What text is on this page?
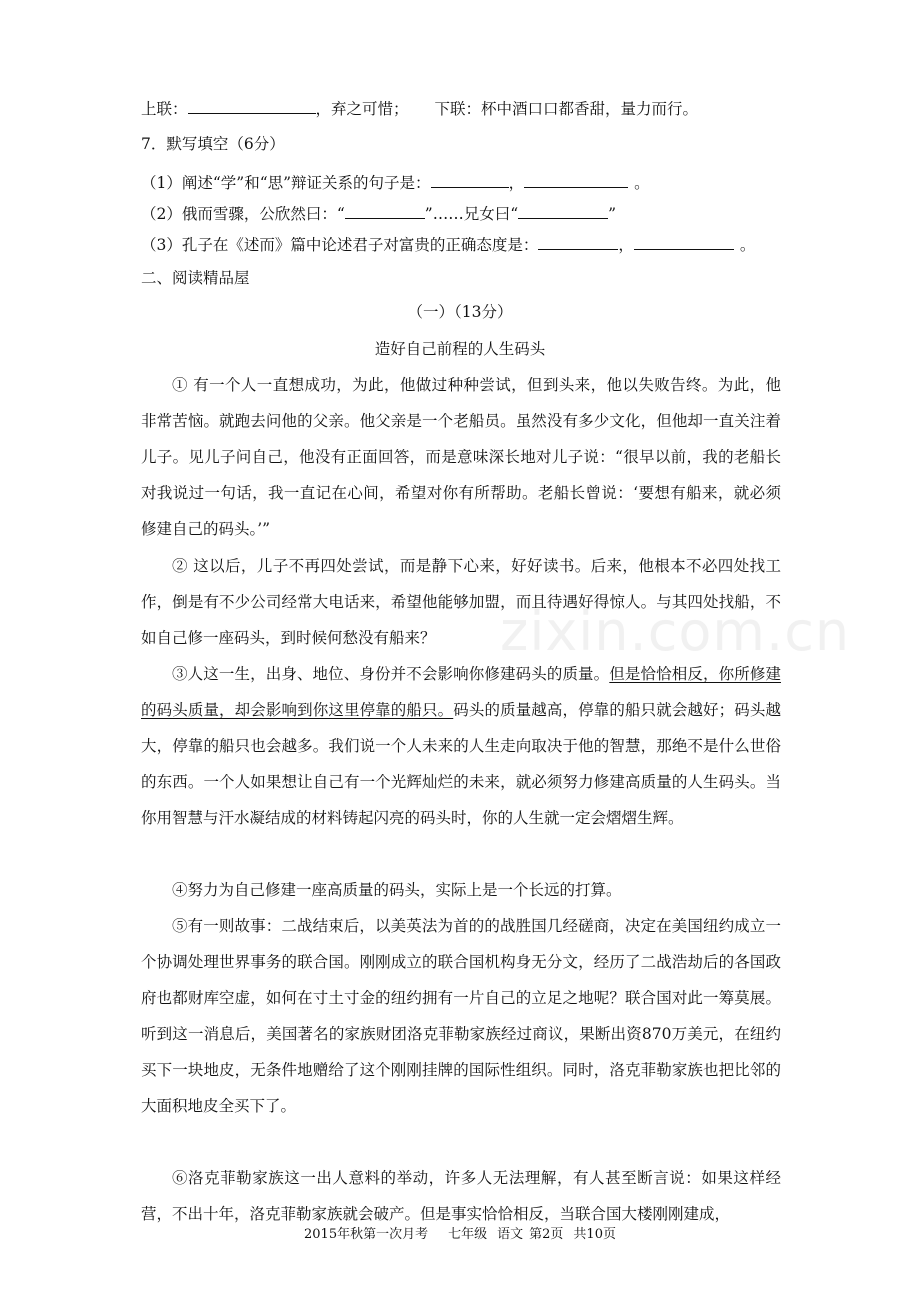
上联：	，弃之可惜； 下联：杯中酒口口都香甜，量力而行。
7．默写填空（6分）
（1）阐述“学”和“思”辩证关系的句子是：	，	。
（2）俄而雪骤，公欣然曰：“	”……兄女曰“	”
（3）孔子在《述而》篇中论述君子对富贵的正确态度是：	，	。
二、阅读精品屋
（一）（13分）
造好自己前程的人生码头
① 有一个人一直想成功，为此，他做过种种尝试，但到头来，他以失败告终。为此，他非常苦恼。就跑去问他的父亲。他父亲是一个老船员。虽然没有多少文化，但他却一直关注着儿子。见儿子问自己，他没有正面回答，而是意味深长地对儿子说：“很早以前，我的老船长对我说过一句话，我一直记在心间，希望对你有所帮助。老船长曾说：‘要想有船来，就必须修建自己的码头。’”
② 这以后，儿子不再四处尝试，而是静下心来，好好读书。后来，他根本不必四处找工作，倒是有不少公司经常大电话来，希望他能够加盟，而且待遇好得惊人。与其四处找船，不如自己修一座码头，到时候何愁没有船来？
③人这一生，出身、地位、身份并不会影响你修建码头的质量。但是恰恰相反，你所修建的码头质量，却会影响到你这里停靠的船只。码头的质量越高，停靠的船只就会越好；码头越大，停靠的船只也会越多。我们说一个人未来的人生走向取决于他的智慧，那绝不是什么世俗的东西。一个人如果想让自己有一个光辉灿烂的未来，就必须努力修建高质量的人生码头。当你用智慧与汗水凝结成的材料铸起闪亮的码头时，你的人生就一定会熠熠生辉。
④努力为自己修建一座高质量的码头，实际上是一个长远的打算。
⑤有一则故事：二战结束后，以美英法为首的的战胜国几经磋商，决定在美国纽约成立一个协调处理世界事务的联合国。刚刚成立的联合国机构身无分文，经历了二战浩劫后的各国政府也都财库空虚，如何在寸土寸金的纽约拥有一片自己的立足之地呢？联合国对此一筹莫展。听到这一消息后，美国著名的家族财团洛克菲勒家族经过商议，果断出资870万美元，在纽约买下一块地皮，无条件地赠给了这个刚刚挂牌的国际性组织。同时，洛克菲勒家族也把比邻的大面积地皮全买下了。
⑥洛克菲勒家族这一出人意料的举动，许多人无法理解，有人甚至断言说：如果这样经营，不出十年，洛克菲勒家族就会破产。但是事实恰恰相反，当联合国大楼刚刚建成，
zixin.com.cn
2015年秋第一次月考 七年级 语文 第2页 共10页
